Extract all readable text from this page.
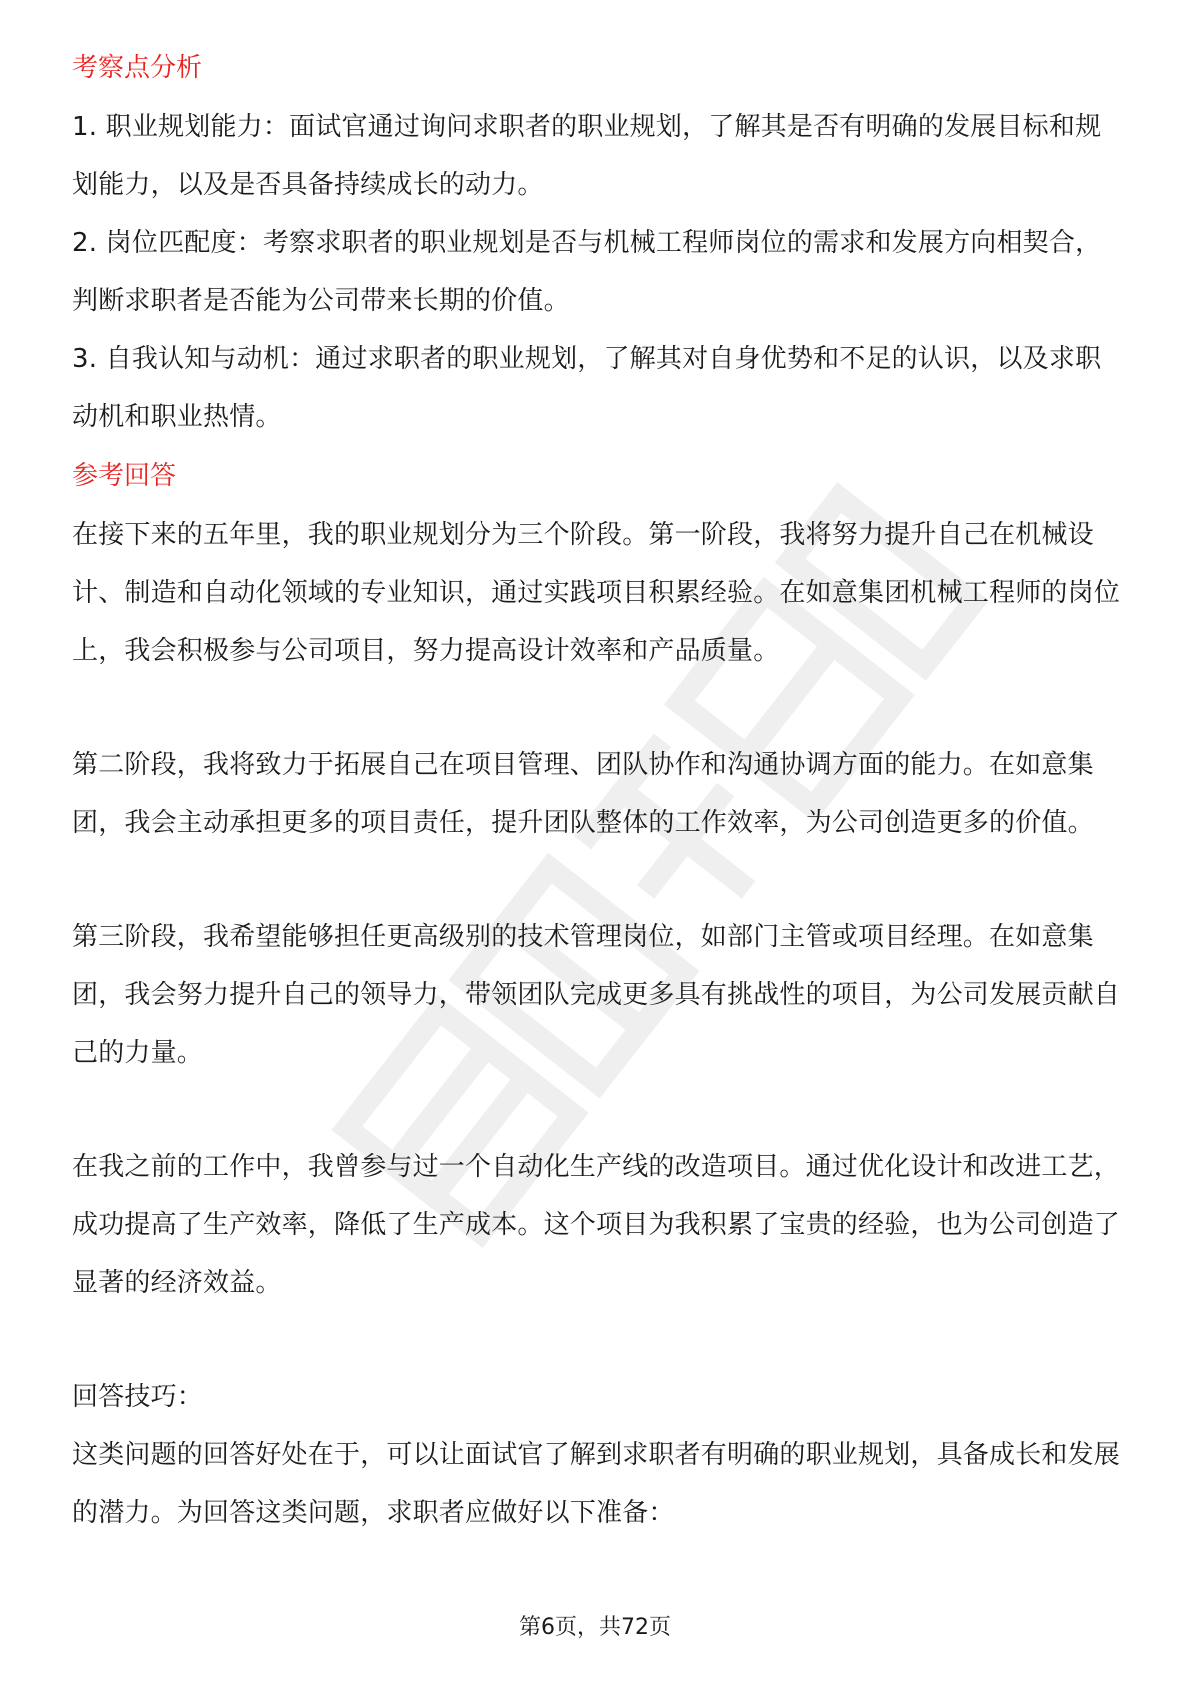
考察点分析

1. 职业规划能力：面试官通过询问求职者的职业规划，了解其是否有明确的发展目标和规划能力，以及是否具备持续成长的动力。

2. 岗位匹配度：考察求职者的职业规划是否与机械工程师岗位的需求和发展方向相契合，判断求职者是否能为公司带来长期的价值。

3. 自我认知与动机：通过求职者的职业规划，了解其对自身优势和不足的认识，以及求职动机和职业热情。

参考回答

在接下来的五年里，我的职业规划分为三个阶段。第一阶段，我将努力提升自己在机械设计、制造和自动化领域的专业知识，通过实践项目积累经验。在如意集团机械工程师的岗位上，我会积极参与公司项目，努力提高设计效率和产品质量。

第二阶段，我将致力于拓展自己在项目管理、团队协作和沟通协调方面的能力。在如意集团，我会主动承担更多的项目责任，提升团队整体的工作效率，为公司创造更多的价值。

第三阶段，我希望能够担任更高级别的技术管理岗位，如部门主管或项目经理。在如意集团，我会努力提升自己的领导力，带领团队完成更多具有挑战性的项目，为公司发展贡献自己的力量。

在我之前的工作中，我曾参与过一个自动化生产线的改造项目。通过优化设计和改进工艺，成功提高了生产效率，降低了生产成本。这个项目为我积累了宝贵的经验，也为公司创造了显著的经济效益。

回答技巧：

这类问题的回答好处在于，可以让面试官了解到求职者有明确的职业规划，具备成长和发展的潜力。为回答这类问题，求职者应做好以下准备：

第6页，共72页
